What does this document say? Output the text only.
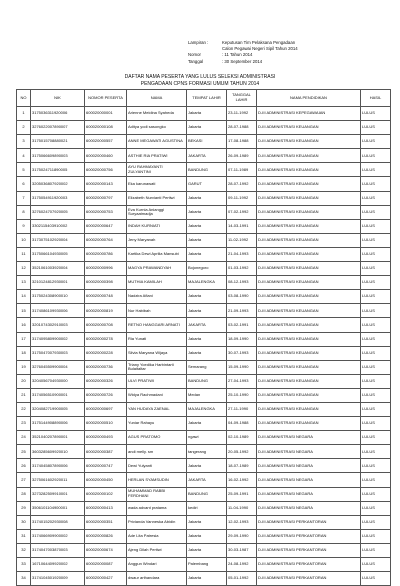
Lampiran :	Keputusan Tim Pelaksana Pengadaan
Calon Pegawai Negeri Sipil Tahun 2014
Nomor	: 11 Tahun 2014
Tanggal	: 30 September 2014
DAFTAR NAMA PESERTA YANG LULUS SELEKSI ADMINISTRASI
PENGADAAN CPNS FORMASI UMUM TAHUN 2014
NO	NIK	NOMOR PESERTA	NAMA	TEMPAT LAHIR	TANGGAL LAHIR	NAMA PENDIDIKAN	HASIL
1	3175036311920006	600020000001	Arienne Meidina Syaheda	Jakarta	23-11-1992	D-III ADMINISTRASI KEPEGAWAIAN	LULUS
2	3276022007890007	600020000108	Aditya yodi sasongko	Jakarta	28-07-1988	D-III ADMINISTRASI KEUANGAN	LULUS
3	3175015708880021	600020000557	ANNE MEGAWATI AGUSTINA	BEKASI	17-08-1988	D-III ADMINISTRASI KEUANGAN	LULUS
4	3175066609890003	600020000460	ASTHIE RIA PRATIWI	JAKARTA	26-09-1989	D-III ADMINISTRASI KEUANGAN	LULUS
5	3175024711890005	600020000756	AYU RAHMAYANTI ZULYANTINI	BANDUNG	07-11-1989	D-III ADMINISTRASI KEUANGAN	LULUS
6	3205036807920002	600020000143	Eka karunawati	GARUT	28-07-1992	D-III ADMINISTRASI KEUANGAN	LULUS
7	3175054911920003	600020000797	Elizabeth Nurvianti Pertiwi	Jakarta	09-11-1992	D-III ADMINISTRASI KEUANGAN	LULUS
8	3276024707920005	600020000753	Eva Kurnia Anianggi Suryaatmadja	Jakarta	07-02-1992	D-III ADMINISTRASI KEUANGAN	LULUS
9	3302115403910002	600020000647	INDAH KURNIATI	Jakarta	14-03-1991	D-III ADMINISTRASI KEUANGAN	LULUS
10	3173075102920004	600020000764	Jeny Maryanah	Jakarta	11-02-1992	D-III ADMINISTRASI KEUANGAN	LULUS
11	3175066104930005	600020000786	Kartika Dewi Aprilia Mansubi	Jakarta	21-04-1993	D-III ADMINISTRASI KEUANGAN	LULUS
12	3521061003920004	600020000996	MAGYA PRAWANDYAH	Bojonegoro	01-03-1992	D-III ADMINISTRASI KEUANGAN	LULUS
13	3210124812930001	600020000398	MUTHIA KAMILAH	MAJALENGKA	08-12-1993	D-III ADMINISTRASI KEUANGAN	LULUS
14	3175024308900010	600020000748	Nadzira Afiani	Jakarta	03-08-1990	D-III ADMINISTRASI KEUANGAN	LULUS
15	3174086109930006	600020000819	Nur Habibah	Jakarta	21-09-1993	D-III ADMINISTRASI KEUANGAN	LULUS
16	3201074302910003	600020000708	RETNO HANGGARI ARNATI	JAKARTA	03-02-1991	D-III ADMINISTRASI KEUANGAN	LULUS
17	3174095809900002	600020000278	Ria Yunati	Jakarta	18-09-1990	D-III ADMINISTRASI KEUANGAN	LULUS
18	3175047007930003	600020000228	Silvia Maryana Wijaya	Jakarta	30-07-1993	D-III ADMINISTRASI KEUANGAN	LULUS
19	3276045509900004	600020000736	Triany Yoedika Harbintarti Bulaitaltar	Semarang	15-09-1990	D-III ADMINISTRASI KEUANGAN	LULUS
20	3204056704930000	600020000326	ULVI PRATIWI	BANDUNG	27-04-1993	D-III ADMINISTRASI KEUANGAN	LULUS
21	3174056510900001	600020000726	Widya Rachmadani	Medan	25-10-1990	D-III ADMINISTRASI KEUANGAN	LULUS
22	3204082719900005	600020000697	YAN HUDAYA ZAENAL	MAJALENGKA	27-11-1990	D-III ADMINISTRASI KEUANGAN	LULUS
23	3175144908890006	600020000510	Yuniar Rahayu	Jakarta	04-09-1988	D-III ADMINISTRASI KEUANGAN	LULUS
24	3521040207890001	600020000493	AGUS PRATOMO	ngawi	02-10-1989	D-III ADMINISTRASI NEGARA	LULUS
25	3603285609920010	600020000387	andi melly. sm	tangerang	20-05-1992	D-III ADMINISTRASI NEGARA	LULUS
26	3174045807890006	600020000747	Dewi Yulyanti	Jakarta	18-07-1989	D-III ADMINISTRASI NEGARA	LULUS
27	3275061602920011	600020000450	HERLAN SYAMSUDIN	JAKARTA	16-02-1992	D-III ADMINISTRASI NEGARA	LULUS
28	3273282509910001	600020000102	MUHAMMAD RABBI FERDHANI	BANDUNG	25-09-1991	D-III ADMINISTRASI NEGARA	LULUS
29	3506101104900001	600020000413	wada advant pratama	kediri	11-04-1990	D-III ADMINISTRASI NEGARA	LULUS
30	3174015202930008	600020000351	Privianda Vanneska Abidin	Jakarta	12-02-1993	D-III ADMINISTRASI PERKANTORAN	LULUS
31	3174066909900002	600020000826	Ade Lita Patresia	Jakarta	29-09-1990	D-III ADMINISTRASI PERKANTORAN	LULUS
32	3174047003870003	600020000674	Ajeng Dilah Pertiwi	Jakarta	30-03-1987	D-III ADMINISTRASI PERKANTORAN	LULUS
33	1671064409920002	600020000087	Anggun Windari	Palembang	24-08-1992	D-III ADMINISTRASI PERKANTORAN	LULUS
34	3174104501920009	600020000427	dwaur arthandara	Jakarta	05-01-1992	D-III ADMINISTRASI PERKANTORAN	LULUS
